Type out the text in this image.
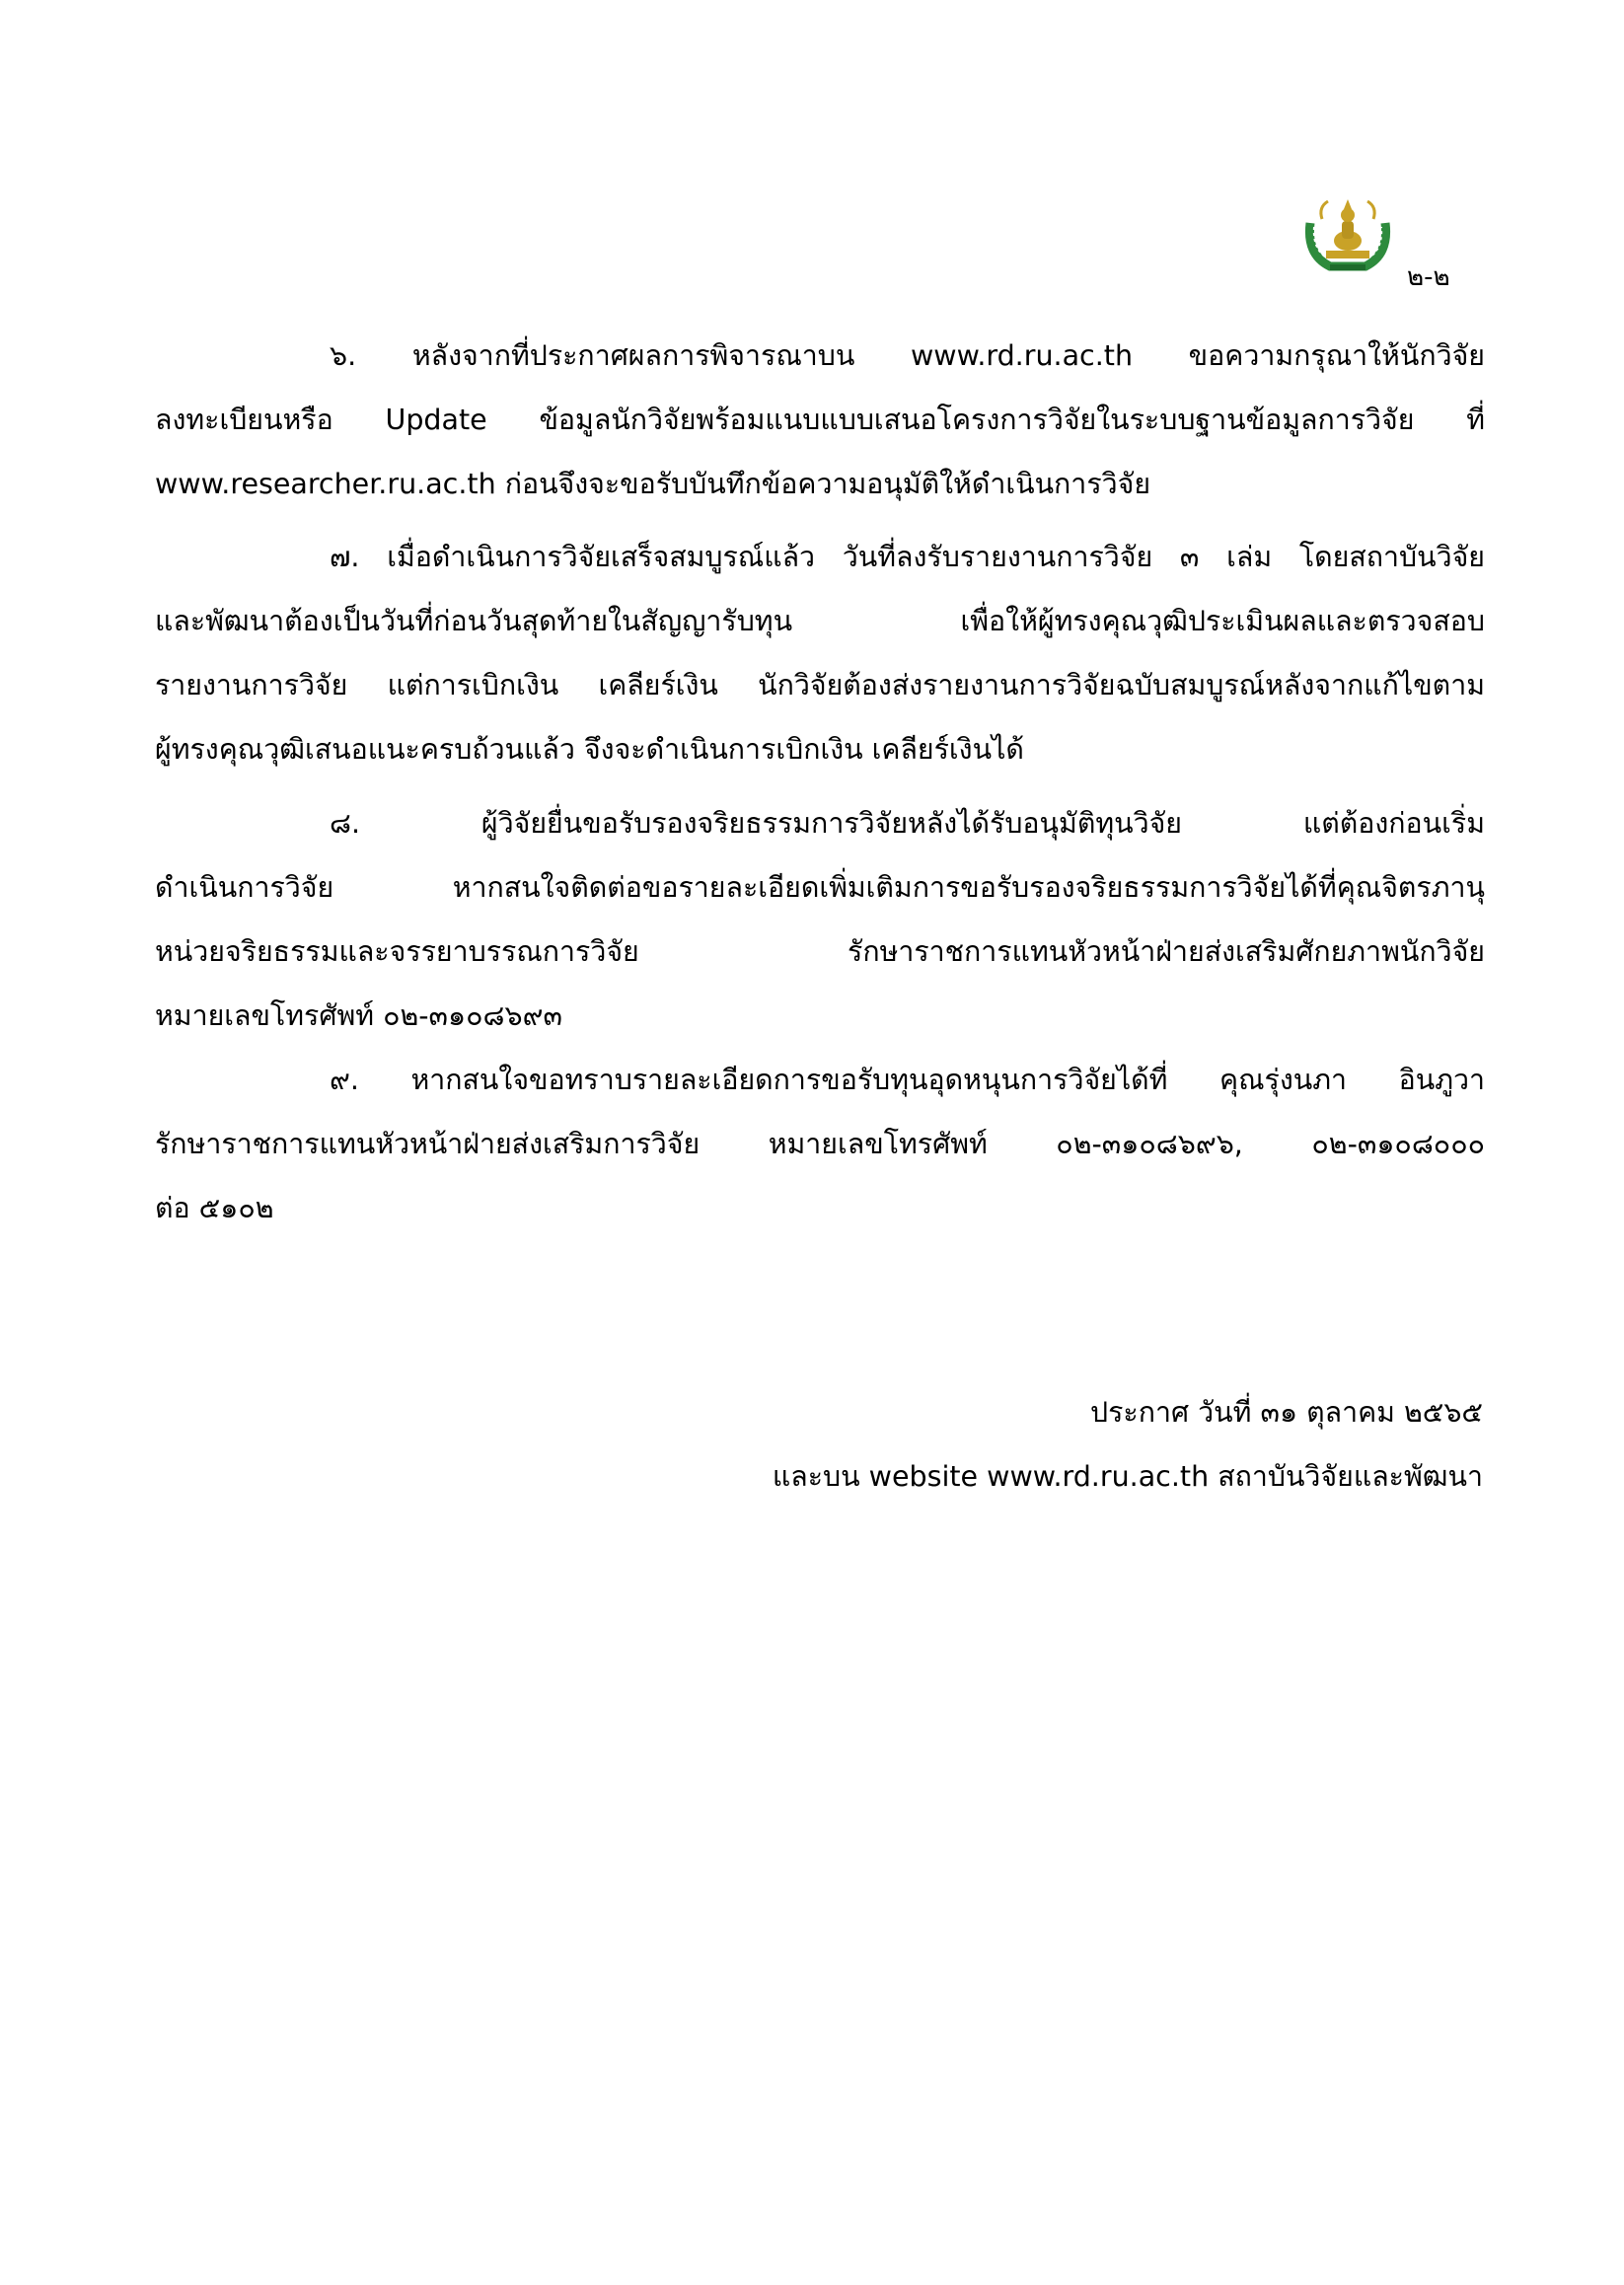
๒-๒
๖. หลังจากที่ประกาศผลการพิจารณาบน www.rd.ru.ac.th ขอความกรุณาให้นักวิจัย
ลงทะเบียนหรือ Update ข้อมูลนักวิจัยพร้อมแนบแบบเสนอโครงการวิจัยในระบบฐานข้อมูลการวิจัย ที่
www.researcher.ru.ac.th ก่อนจึงจะขอรับบันทึกข้อความอนุมัติให้ดำเนินการวิจัย
๗. เมื่อดำเนินการวิจัยเสร็จสมบูรณ์แล้ว วันที่ลงรับรายงานการวิจัย ๓ เล่ม โดยสถาบันวิจัย
และพัฒนาต้องเป็นวันที่ก่อนวันสุดท้ายในสัญญารับทุน เพื่อให้ผู้ทรงคุณวุฒิประเมินผลและตรวจสอบ
รายงานการวิจัย แต่การเบิกเงิน เคลียร์เงิน นักวิจัยต้องส่งรายงานการวิจัยฉบับสมบูรณ์หลังจากแก้ไขตาม
ผู้ทรงคุณวุฒิเสนอแนะครบถ้วนแล้ว จึงจะดำเนินการเบิกเงิน เคลียร์เงินได้
๘. ผู้วิจัยยื่นขอรับรองจริยธรรมการวิจัยหลังได้รับอนุมัติทุนวิจัย แต่ต้องก่อนเริ่ม
ดำเนินการวิจัย หากสนใจติดต่อขอรายละเอียดเพิ่มเติมการขอรับรองจริยธรรมการวิจัยได้ที่คุณจิตรภานุ
หน่วยจริยธรรมและจรรยาบรรณการวิจัย รักษาราชการแทนหัวหน้าฝ่ายส่งเสริมศักยภาพนักวิจัย
หมายเลขโทรศัพท์ ๐๒-๓๑๐๘๖๙๓
๙. หากสนใจขอทราบรายละเอียดการขอรับทุนอุดหนุนการวิจัยได้ที่ คุณรุ่งนภา อินภูวา
รักษาราชการแทนหัวหน้าฝ่ายส่งเสริมการวิจัย หมายเลขโทรศัพท์ ๐๒-๓๑๐๘๖๙๖, ๐๒-๓๑๐๘๐๐๐
ต่อ ๕๑๐๒
ประกาศ วันที่ ๓๑ ตุลาคม ๒๕๖๕
และบน website www.rd.ru.ac.th สถาบันวิจัยและพัฒนา
